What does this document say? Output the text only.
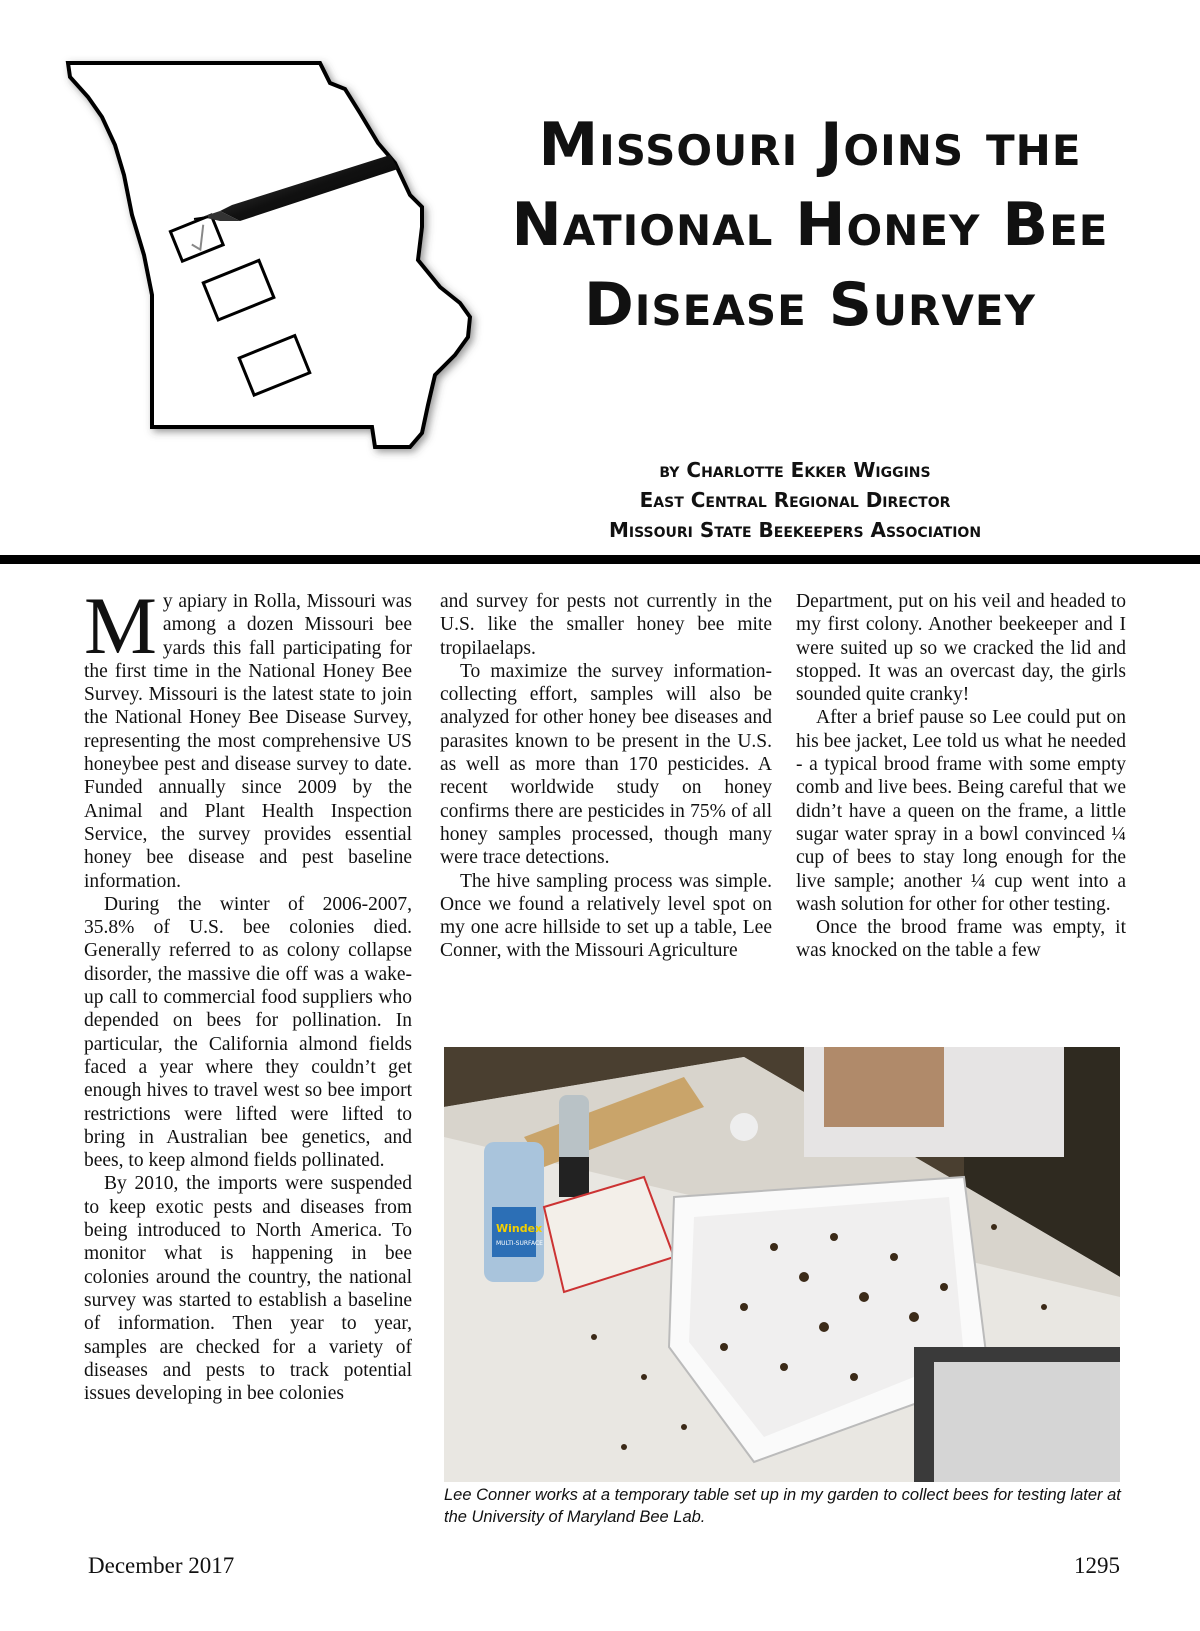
Missouri Joins the
National Honey Bee
Disease Survey
by Charlotte Ekker Wiggins
East Central Regional Director
Missouri State Beekeepers Association

My apiary in Rolla, Missouri was among a dozen Missouri bee yards this fall participating for the first time in the National Honey Bee Survey. Missouri is the latest state to join the National Honey Bee Disease Survey, representing the most comprehensive US honeybee pest and disease survey to date. Funded annually since 2009 by the Animal and Plant Health Inspection Service, the survey provides essential honey bee disease and pest baseline information.

During the winter of 2006-2007, 35.8% of U.S. bee colonies died. Generally referred to as colony collapse disorder, the massive die off was a wake-up call to commercial food suppliers who depended on bees for pollination. In particular, the California almond fields faced a year where they couldn’t get enough hives to travel west so bee import restrictions were lifted were lifted to bring in Australian bee genetics, and bees, to keep almond fields pollinated.

By 2010, the imports were suspended to keep exotic pests and diseases from being introduced to North America. To monitor what is happening in bee colonies around the country, the national survey was started to establish a baseline of information. Then year to year, samples are checked for a variety of diseases and pests to track potential issues developing in bee colonies

and survey for pests not currently in the U.S. like the smaller honey bee mite tropilaelaps.

To maximize the survey information-collecting effort, samples will also be analyzed for other honey bee diseases and parasites known to be present in the U.S. as well as more than 170 pesticides. A recent worldwide study on honey confirms there are pesticides in 75% of all honey samples processed, though many were trace detections.

The hive sampling process was simple. Once we found a relatively level spot on my one acre hillside to set up a table, Lee Conner, with the Missouri Agriculture

Department, put on his veil and headed to my first colony. Another beekeeper and I were suited up so we cracked the lid and stopped. It was an overcast day, the girls sounded quite cranky!

After a brief pause so Lee could put on his bee jacket, Lee told us what he needed - a typical brood frame with some empty comb and live bees. Being careful that we didn’t have a queen on the frame, a little sugar water spray in a bowl convinced ¼ cup of bees to stay long enough for the live sample; another ¼ cup went into a wash solution for other for other testing.

Once the brood frame was empty, it was knocked on the table a few

Windex
MULTI-SURFACE
Lee Conner works at a temporary table set up in my garden to collect bees for testing later at the University of Maryland Bee Lab.
December 2017	1295
